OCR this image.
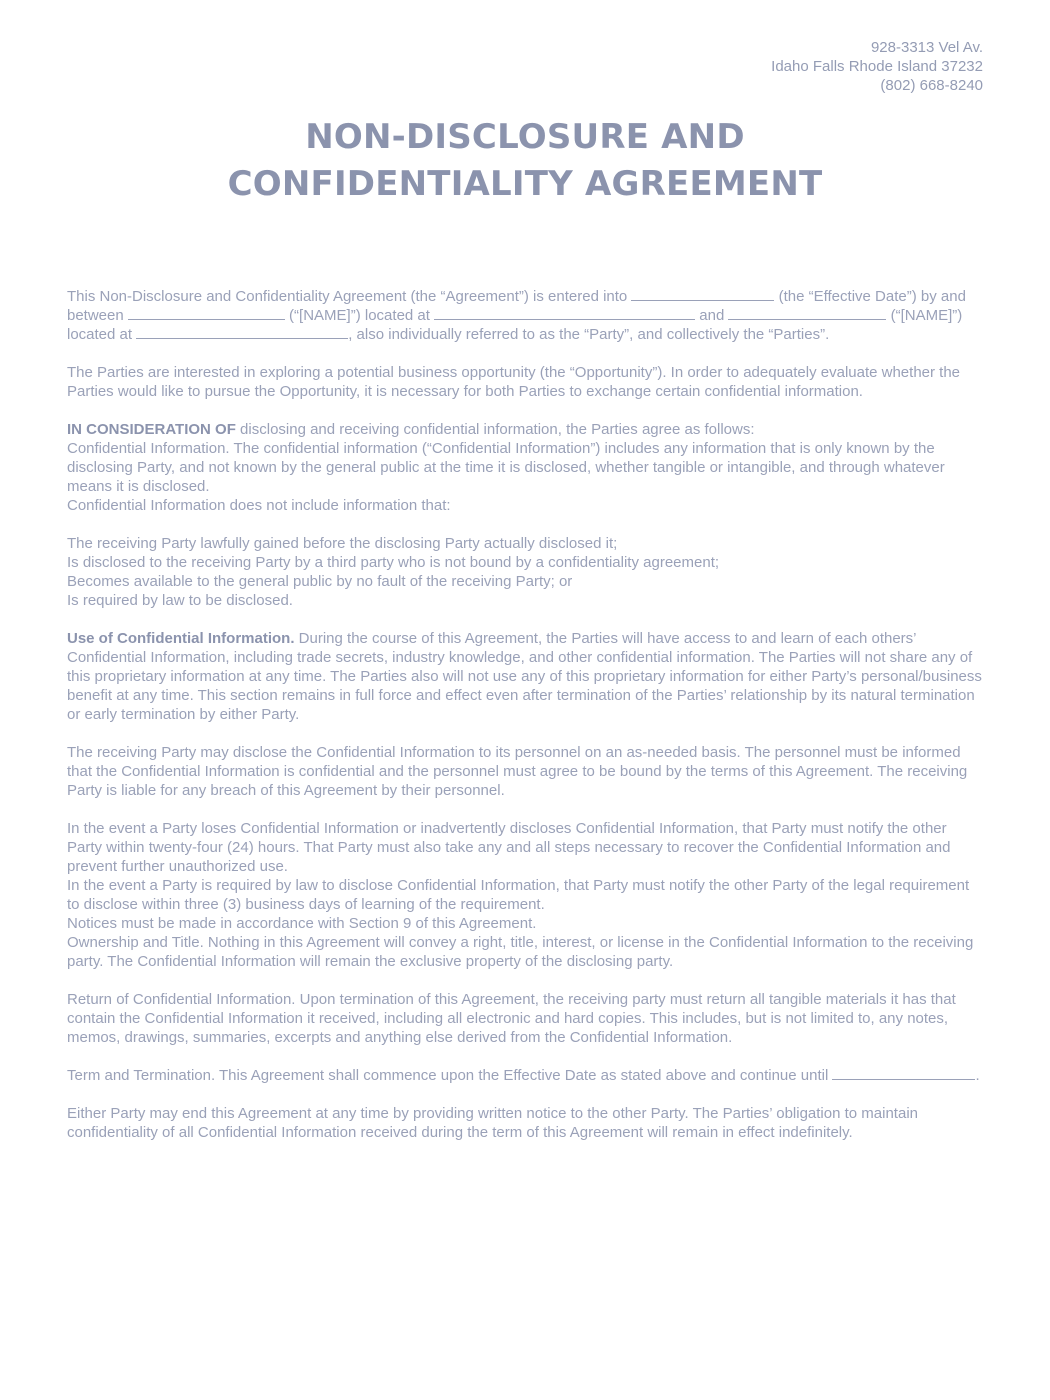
928-3313 Vel Av.
Idaho Falls Rhode Island 37232
(802) 668-8240
NON-DISCLOSURE AND
CONFIDENTIALITY AGREEMENT

This Non-Disclosure and Confidentiality Agreement (the “Agreement”) is entered into	(the “Effective Date”) by and between	(“[NAME]”) located at	and	(“[NAME]”) located at	, also individually referred to as the “Party”, and collectively the “Parties”.

The Parties are interested in exploring a potential business opportunity (the “Opportunity”). In order to adequately evaluate whether the Parties would like to pursue the Opportunity, it is necessary for both Parties to exchange certain confidential information.

IN CONSIDERATION OF disclosing and receiving confidential information, the Parties agree as follows:
Confidential Information. The confidential information (“Confidential Information”) includes any information that is only known by the disclosing Party, and not known by the general public at the time it is disclosed, whether tangible or intangible, and through whatever means it is disclosed.
Confidential Information does not include information that:

The receiving Party lawfully gained before the disclosing Party actually disclosed it;
Is disclosed to the receiving Party by a third party who is not bound by a confidentiality agreement;
Becomes available to the general public by no fault of the receiving Party; or
Is required by law to be disclosed.

Use of Confidential Information. During the course of this Agreement, the Parties will have access to and learn of each others’ Confidential Information, including trade secrets, industry knowledge, and other confidential information. The Parties will not share any of this proprietary information at any time. The Parties also will not use any of this proprietary information for either Party’s personal/business benefit at any time. This section remains in full force and effect even after termination of the Parties’ relationship by its natural termination or early termination by either Party.

The receiving Party may disclose the Confidential Information to its personnel on an as-needed basis. The personnel must be informed that the Confidential Information is confidential and the personnel must agree to be bound by the terms of this Agreement. The receiving Party is liable for any breach of this Agreement by their personnel.

In the event a Party loses Confidential Information or inadvertently discloses Confidential Information, that Party must notify the other Party within twenty-four (24) hours. That Party must also take any and all steps necessary to recover the Confidential Information and prevent further unauthorized use.
In the event a Party is required by law to disclose Confidential Information, that Party must notify the other Party of the legal requirement to disclose within three (3) business days of learning of the requirement.
Notices must be made in accordance with Section 9 of this Agreement.
Ownership and Title. Nothing in this Agreement will convey a right, title, interest, or license in the Confidential Information to the receiving party. The Confidential Information will remain the exclusive property of the disclosing party.

Return of Confidential Information. Upon termination of this Agreement, the receiving party must return all tangible materials it has that contain the Confidential Information it received, including all electronic and hard copies. This includes, but is not limited to, any notes, memos, drawings, summaries, excerpts and anything else derived from the Confidential Information.

Term and Termination. This Agreement shall commence upon the Effective Date as stated above and continue until	.

Either Party may end this Agreement at any time by providing written notice to the other Party. The Parties’ obligation to maintain confidentiality of all Confidential Information received during the term of this Agreement will remain in effect indefinitely.
